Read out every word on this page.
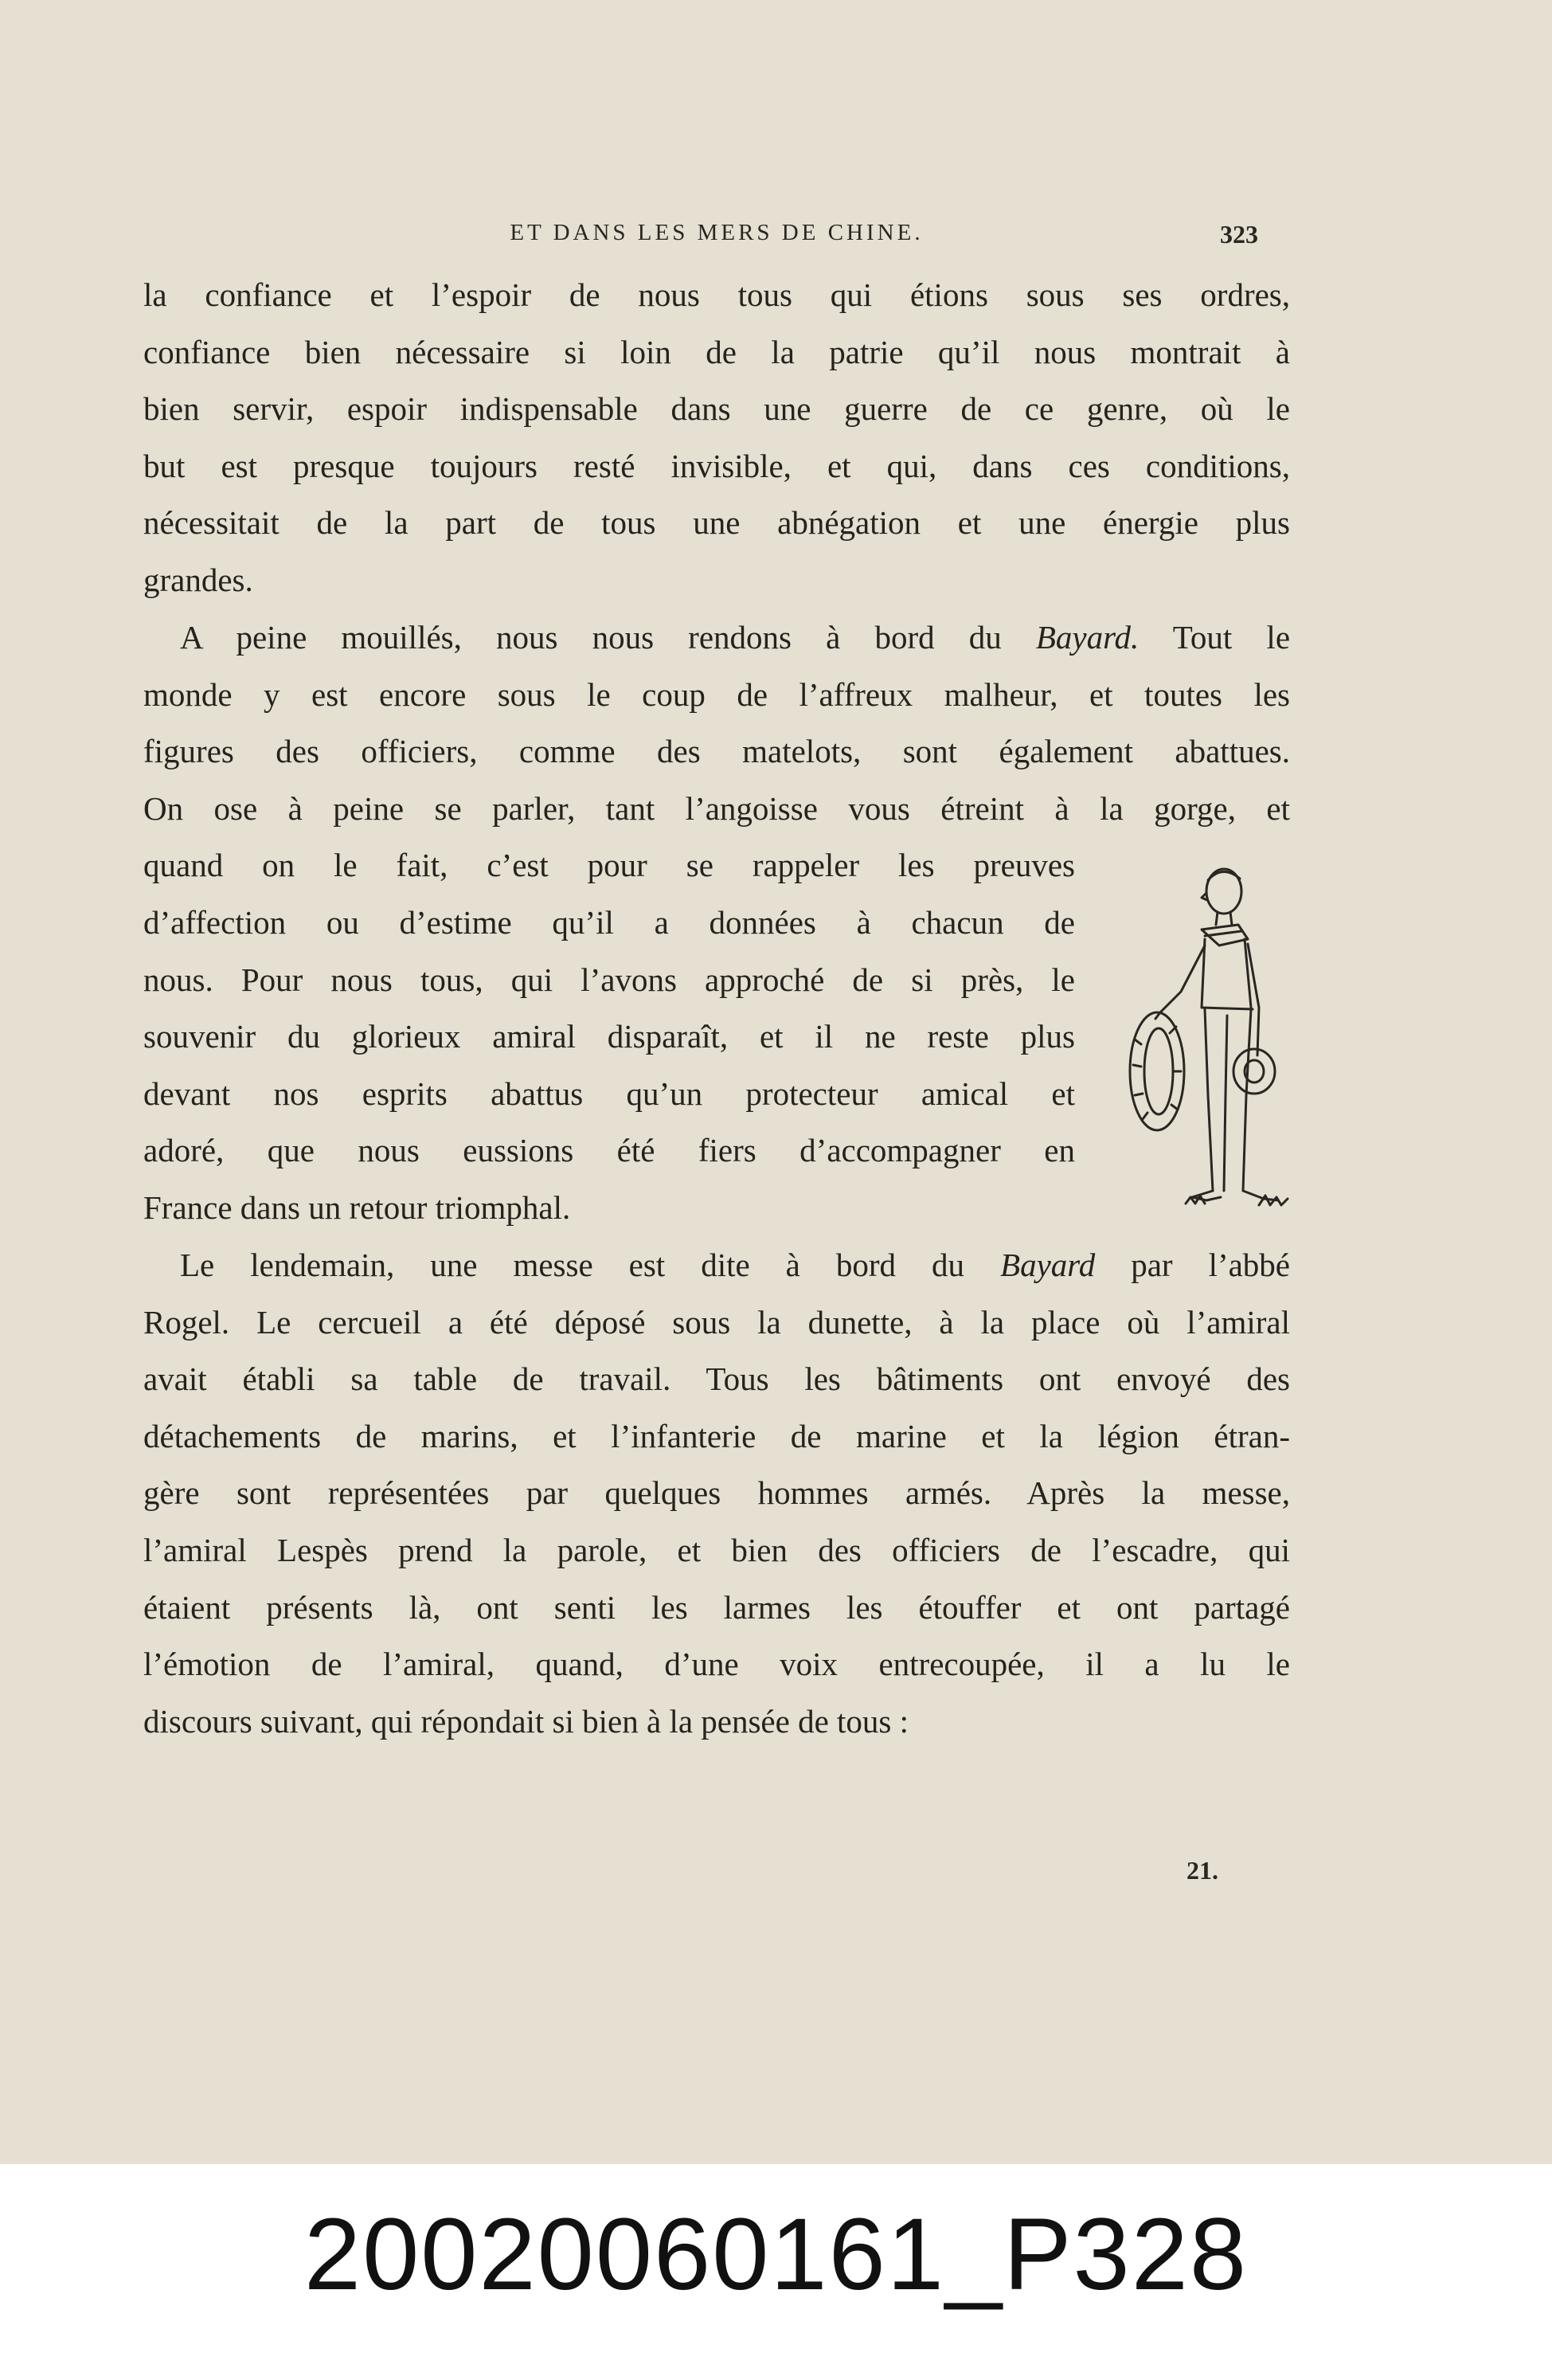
ET DANS LES MERS DE CHINE.	323
la confiance et l’espoir de nous tous qui étions sous ses ordres,
confiance bien nécessaire si loin de la patrie qu’il nous montrait à
bien servir, espoir indispensable dans une guerre de ce genre, où le
but est presque toujours resté invisible, et qui, dans ces conditions,
nécessitait de la part de tous une abnégation et une énergie plus
grandes.
A peine mouillés, nous nous rendons à bord du Bayard. Tout le
monde y est encore sous le coup de l’affreux malheur, et toutes les
figures des officiers, comme des matelots, sont également abattues.
On ose à peine se parler, tant l’angoisse vous étreint à la gorge, et
quand on le fait, c’est pour se rappeler les preuves
d’affection ou d’estime qu’il a données à chacun de
nous. Pour nous tous, qui l’avons approché de si près, le
souvenir du glorieux amiral disparaît, et il ne reste plus
devant nos esprits abattus qu’un protecteur amical et
adoré, que nous eussions été fiers d’accompagner en
France dans un retour triomphal.
Le lendemain, une messe est dite à bord du Bayard par l’abbé
Rogel. Le cercueil a été déposé sous la dunette, à la place où l’amiral
avait établi sa table de travail. Tous les bâtiments ont envoyé des
détachements de marins, et l’infanterie de marine et la légion étran-
gère sont représentées par quelques hommes armés. Après la messe,
l’amiral Lespès prend la parole, et bien des officiers de l’escadre, qui
étaient présents là, ont senti les larmes les étouffer et ont partagé
l’émotion de l’amiral, quand, d’une voix entrecoupée, il a lu le
discours suivant, qui répondait si bien à la pensée de tous :
21.
20020060161_P328
